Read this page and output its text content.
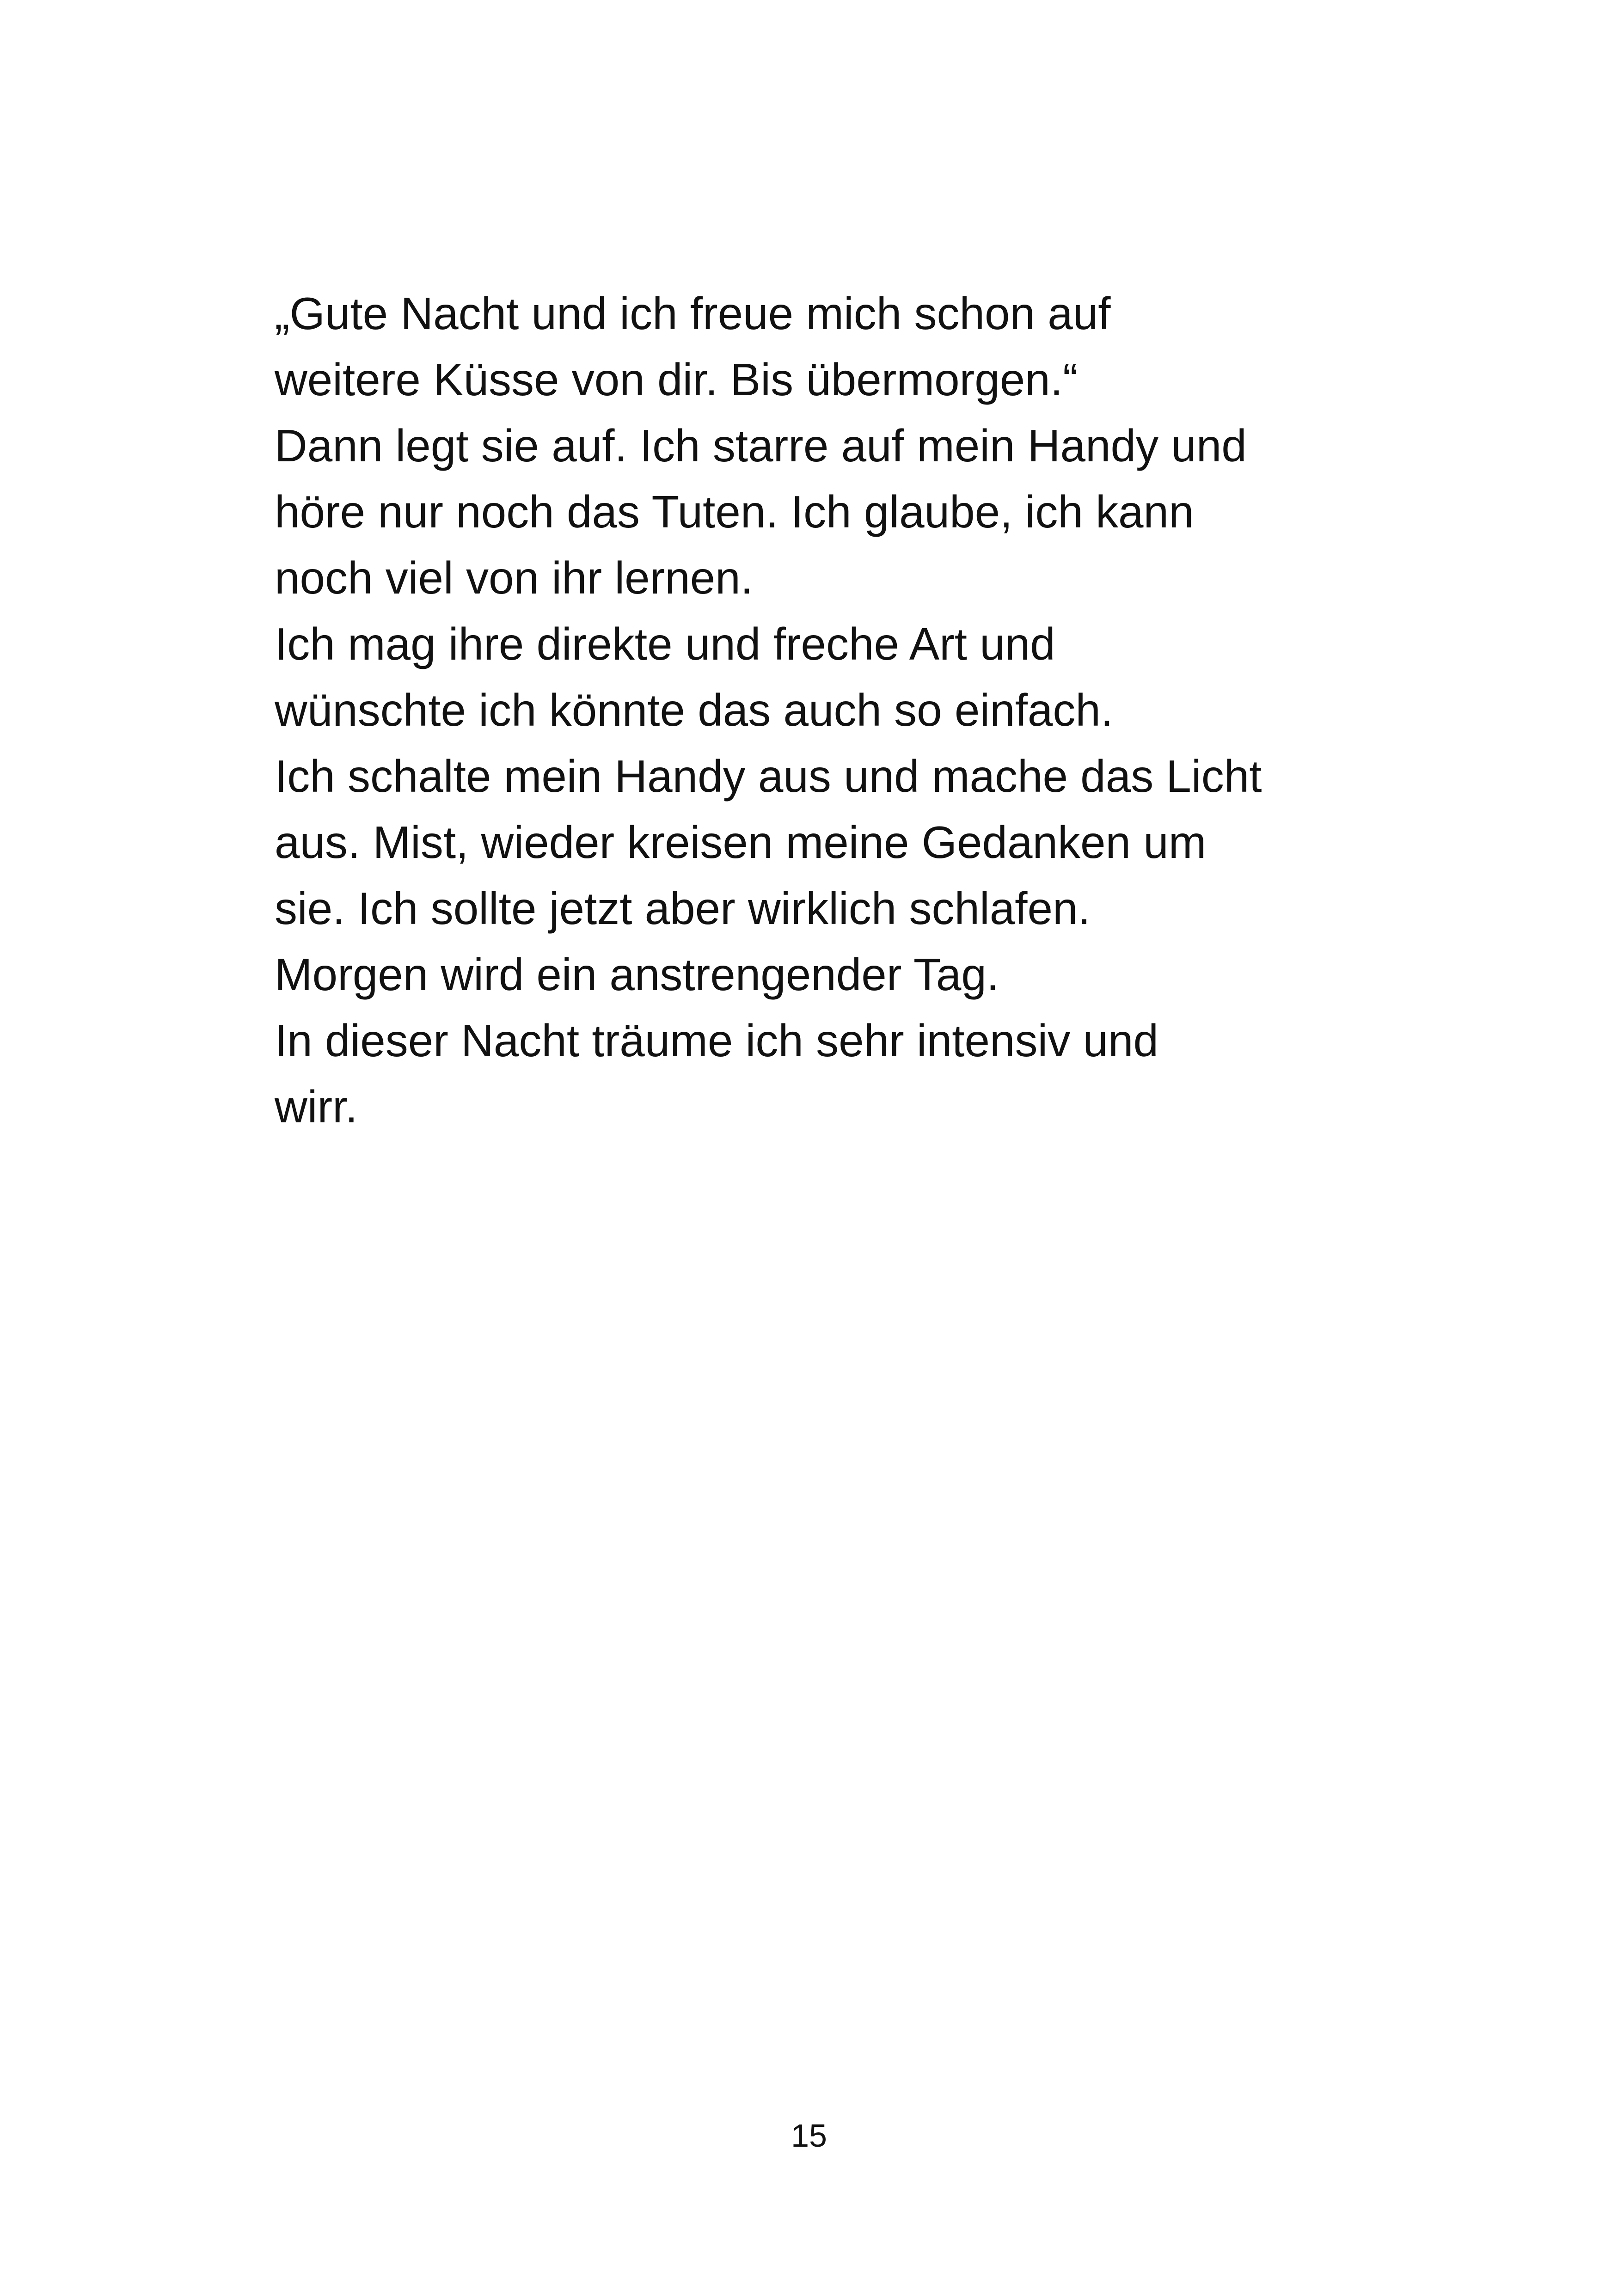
„Gute Nacht und ich freue mich schon auf
weitere Küsse von dir. Bis übermorgen.“
Dann legt sie auf. Ich starre auf mein Handy und
höre nur noch das Tuten. Ich glaube, ich kann
noch viel von ihr lernen.
Ich mag ihre direkte und freche Art und
wünschte ich könnte das auch so einfach.
Ich schalte mein Handy aus und mache das Licht
aus. Mist, wieder kreisen meine Gedanken um
sie. Ich sollte jetzt aber wirklich schlafen.
Morgen wird ein anstrengender Tag.
In dieser Nacht träume ich sehr intensiv und
wirr.
15
